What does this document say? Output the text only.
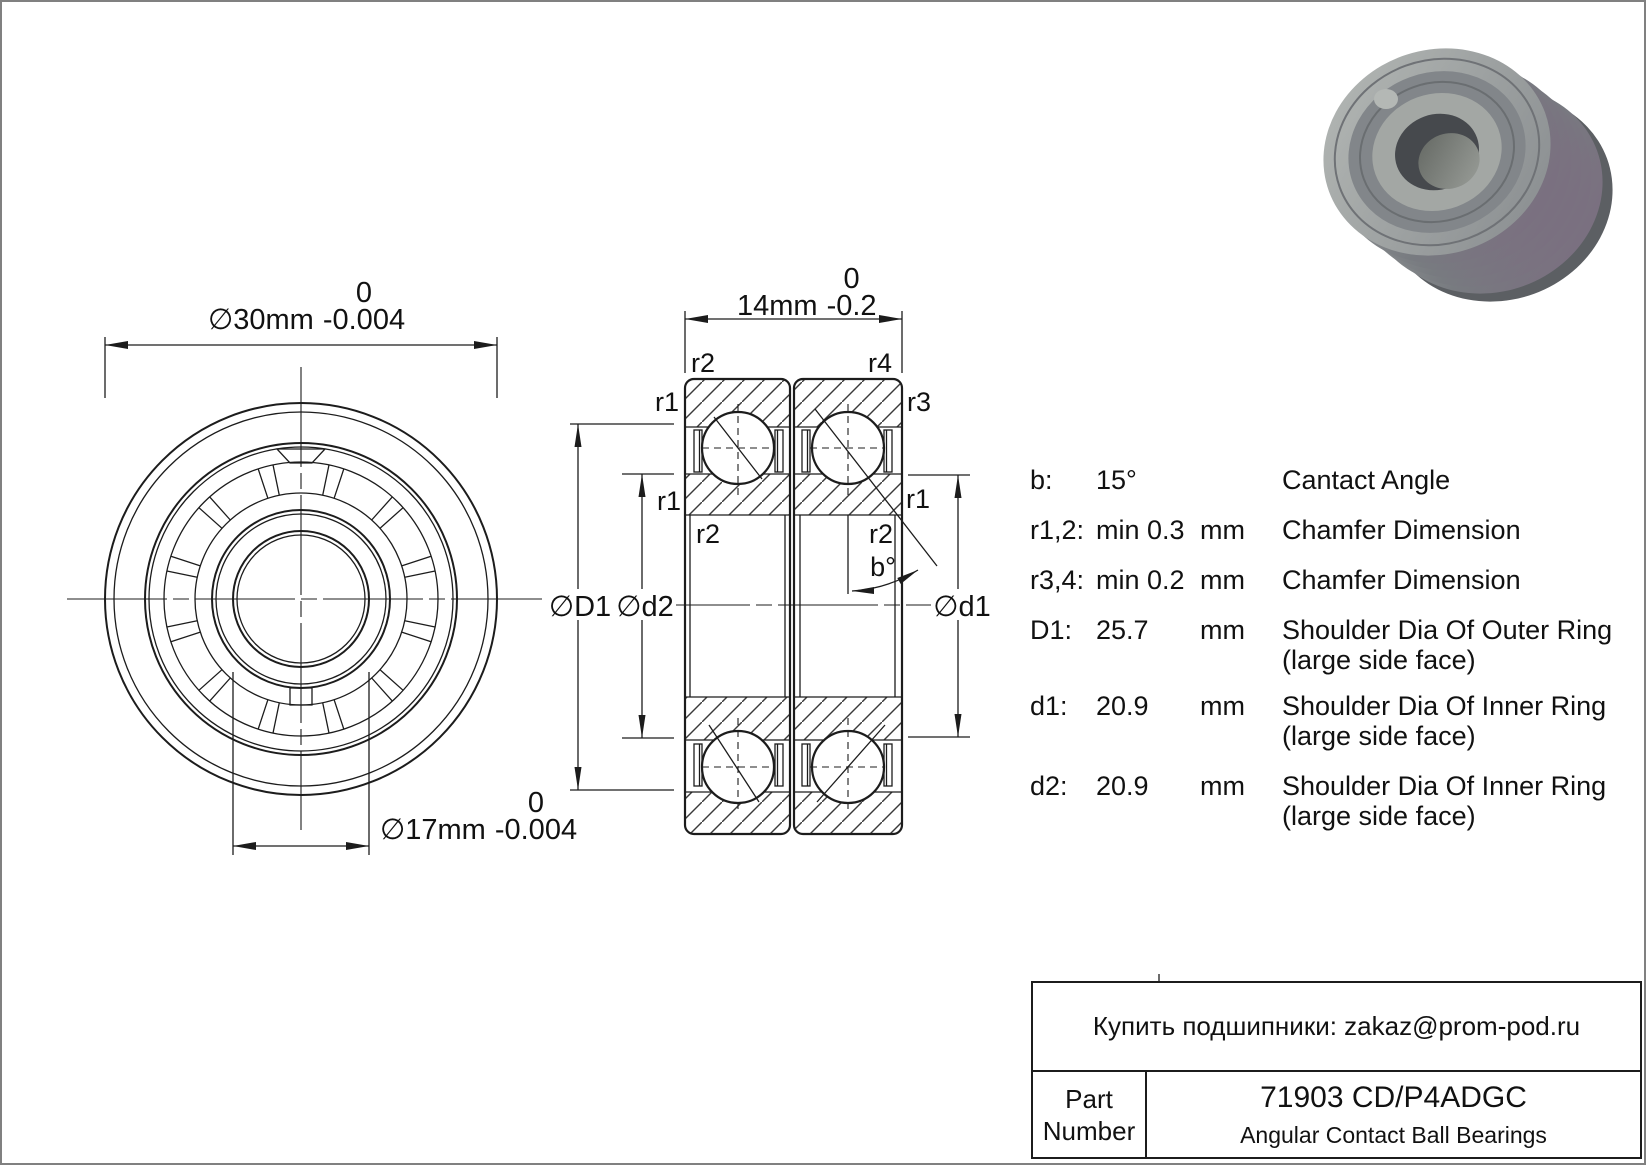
∅D1 ∅d2	∅d1
r2	r4
r1	r3
r1	r1
r2	r2
b°
∅30mm
0
-0.004	14mm
0
-0.2
∅17mm
0
-0.004
b:	15°	Cantact Angle
r1,2: min 0.3 mm	Chamfer Dimension
r3,4: min 0.2 mm	Chamfer Dimension
D1: 25.7	mm	Shoulder Dia Of Outer Ring
(large side face)
d1:	20.9	mm	Shoulder Dia Of Inner Ring
(large side face)
d2:	20.9	mm	Shoulder Dia Of Inner Ring
(large side face)
Купить подшипники: zakaz@prom-pod.ru
Part
Number
71903 CD/P4ADGC
Angular Contact Ball Bearings
